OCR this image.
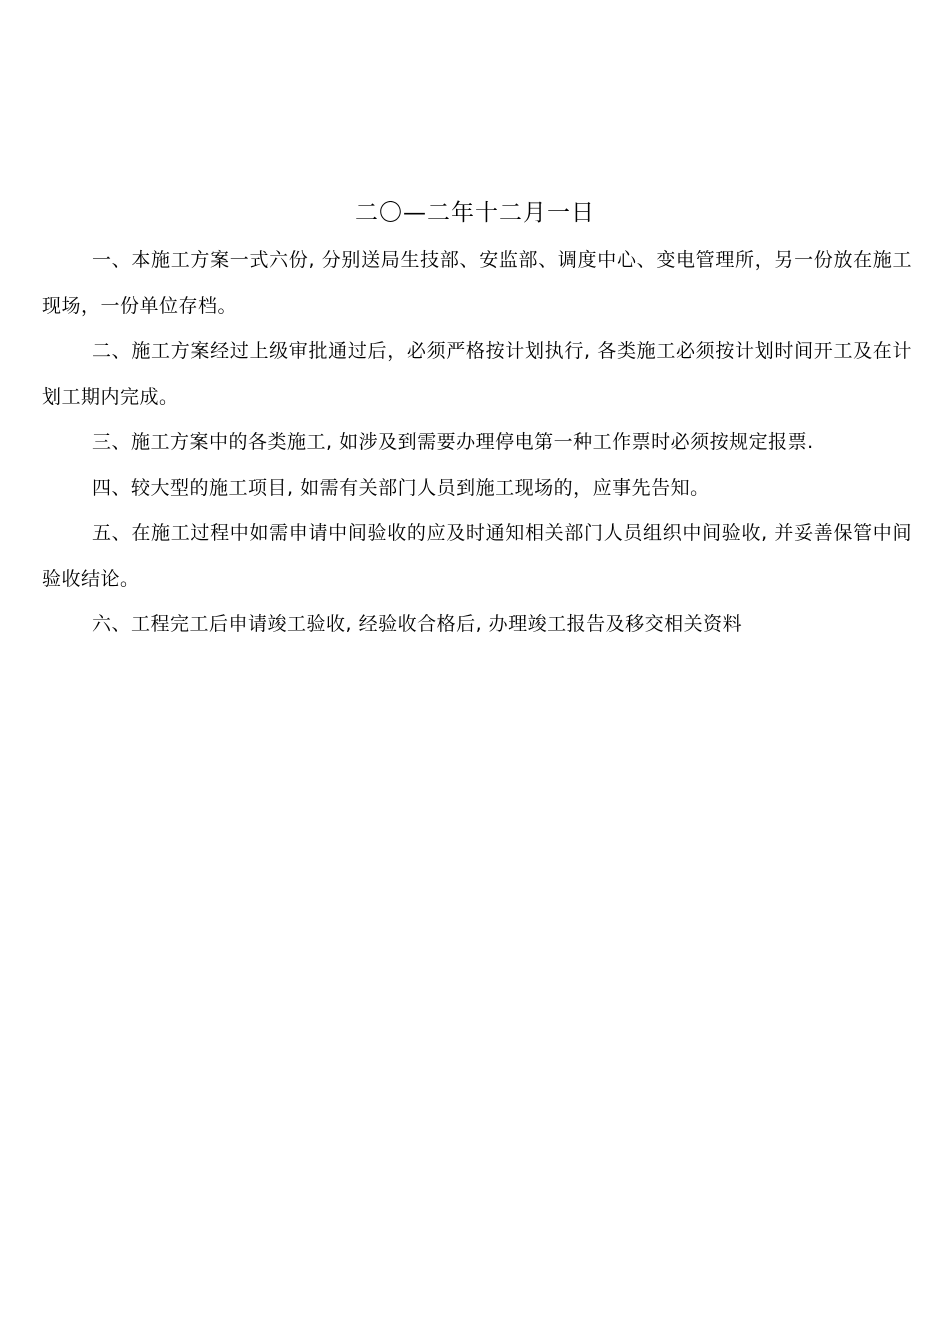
二〇—二年十二月一日

一、本施工方案一式六份, 分别送局生技部、安监部、调度中心、变电管理所，另一份放在施工现场，一份单位存档。

二、施工方案经过上级审批通过后，必须严格按计划执行, 各类施工必须按计划时间开工及在计划工期内完成。

三、施工方案中的各类施工, 如涉及到需要办理停电第一种工作票时必须按规定报票.

四、较大型的施工项目, 如需有关部门人员到施工现场的，应事先告知。

五、在施工过程中如需申请中间验收的应及时通知相关部门人员组织中间验收, 并妥善保管中间验收结论。

六、工程完工后申请竣工验收, 经验收合格后, 办理竣工报告及移交相关资料
